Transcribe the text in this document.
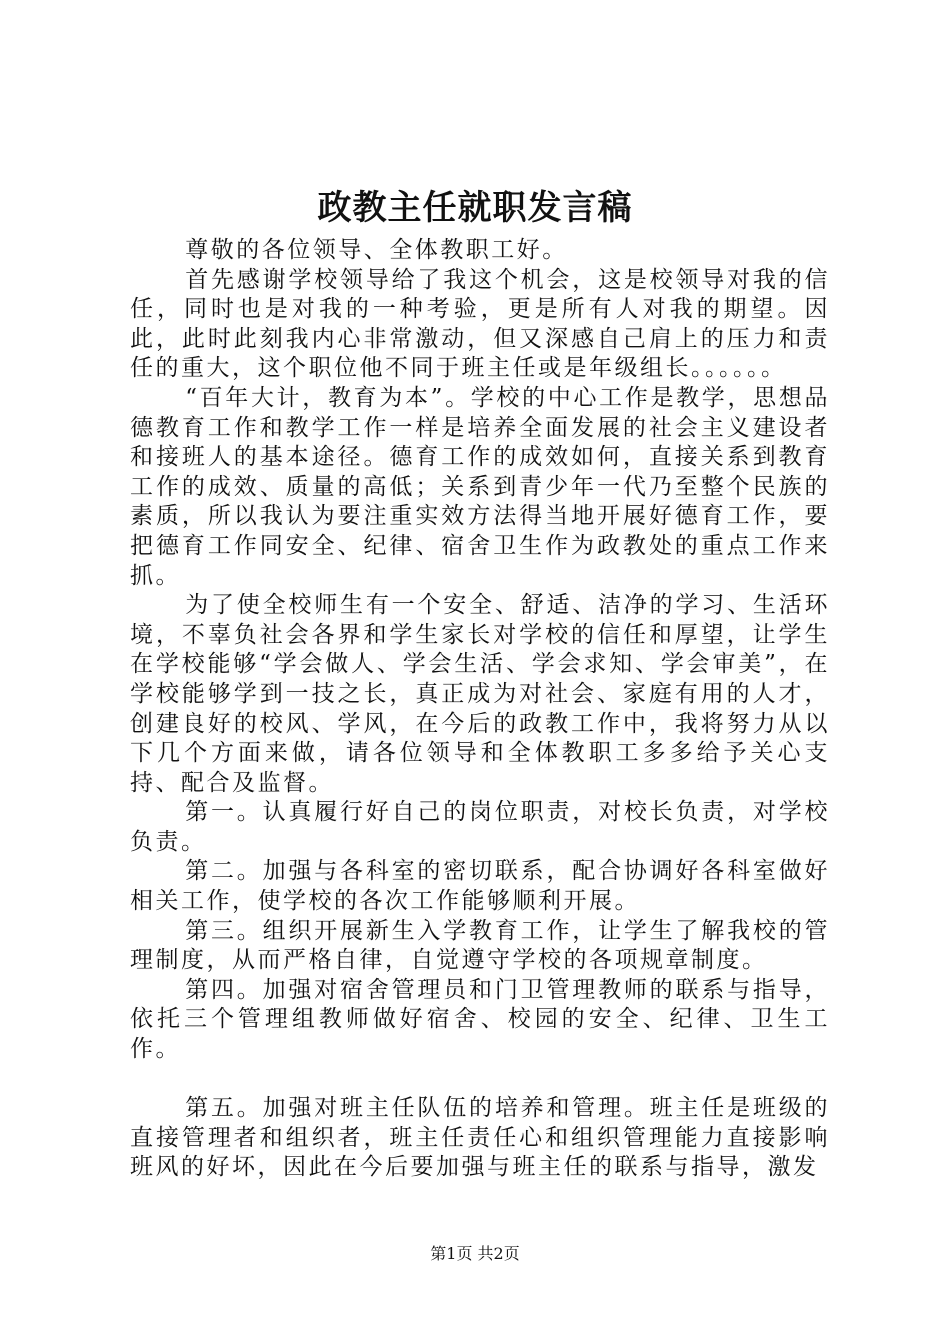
政教主任就职发言稿

尊敬的各位领导、全体教职工好。

首先感谢学校领导给了我这个机会，这是校领导对我的信任，同时也是对我的一种考验，更是所有人对我的期望。因此，此时此刻我内心非常激动，但又深感自己肩上的压力和责任的重大，这个职位他不同于班主任或是年级组长。。。。。。

“百年大计，教育为本”。学校的中心工作是教学，思想品德教育工作和教学工作一样是培养全面发展的社会主义建设者和接班人的基本途径。德育工作的成效如何，直接关系到教育工作的成效、质量的高低；关系到青少年一代乃至整个民族的素质，所以我认为要注重实效方法得当地开展好德育工作，要把德育工作同安全、纪律、宿舍卫生作为政教处的重点工作来抓。

为了使全校师生有一个安全、舒适、洁净的学习、生活环境，不辜负社会各界和学生家长对学校的信任和厚望，让学生在学校能够“学会做人、学会生活、学会求知、学会审美”，在学校能够学到一技之长，真正成为对社会、家庭有用的人才，创建良好的校风、学风，在今后的政教工作中，我将努力从以下几个方面来做，请各位领导和全体教职工多多给予关心支持、配合及监督。

第一。认真履行好自己的岗位职责，对校长负责，对学校负责。

第二。加强与各科室的密切联系，配合协调好各科室做好相关工作，使学校的各次工作能够顺利开展。

第三。组织开展新生入学教育工作，让学生了解我校的管理制度，从而严格自律，自觉遵守学校的各项规章制度。

第四。加强对宿舍管理员和门卫管理教师的联系与指导，依托三个管理组教师做好宿舍、校园的安全、纪律、卫生工作。

第五。加强对班主任队伍的培养和管理。班主任是班级的直接管理者和组织者，班主任责任心和组织管理能力直接影响班风的好坏，因此在今后要加强与班主任的联系与指导，激发

第1页 共2页
